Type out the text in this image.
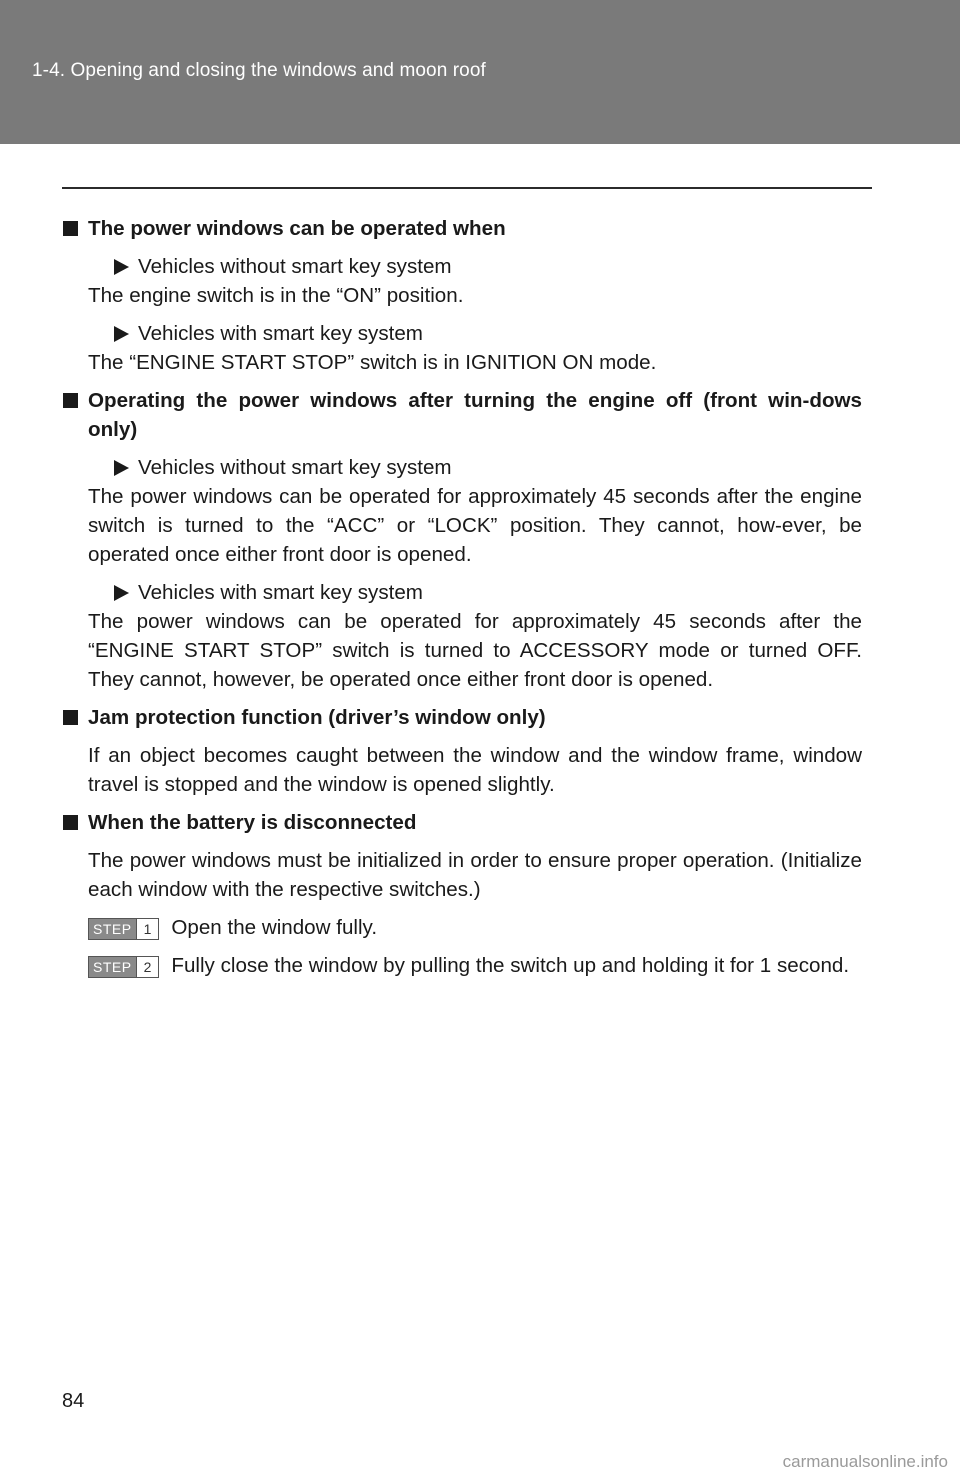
1-4. Opening and closing the windows and moon roof
The power windows can be operated when
Vehicles without smart key system
The engine switch is in the “ON” position.
Vehicles with smart key system
The “ENGINE START STOP” switch is in IGNITION ON mode.
Operating the power windows after turning the engine off (front win-dows only)
Vehicles without smart key system
The power windows can be operated for approximately 45 seconds after the engine switch is turned to the “ACC” or “LOCK” position. They cannot, how-ever, be operated once either front door is opened.
Vehicles with smart key system
The power windows can be operated for approximately 45 seconds after the “ENGINE START STOP” switch is turned to ACCESSORY mode or turned OFF. They cannot, however, be operated once either front door is opened.
Jam protection function (driver’s window only)
If an object becomes caught between the window and the window frame, window travel is stopped and the window is opened slightly.
When the battery is disconnected
The power windows must be initialized in order to ensure proper operation. (Initialize each window with the respective switches.)
STEP 1 Open the window fully.
STEP 2 Fully close the window by pulling the switch up and holding it for 1 second.
84
carmanualsonline.info
